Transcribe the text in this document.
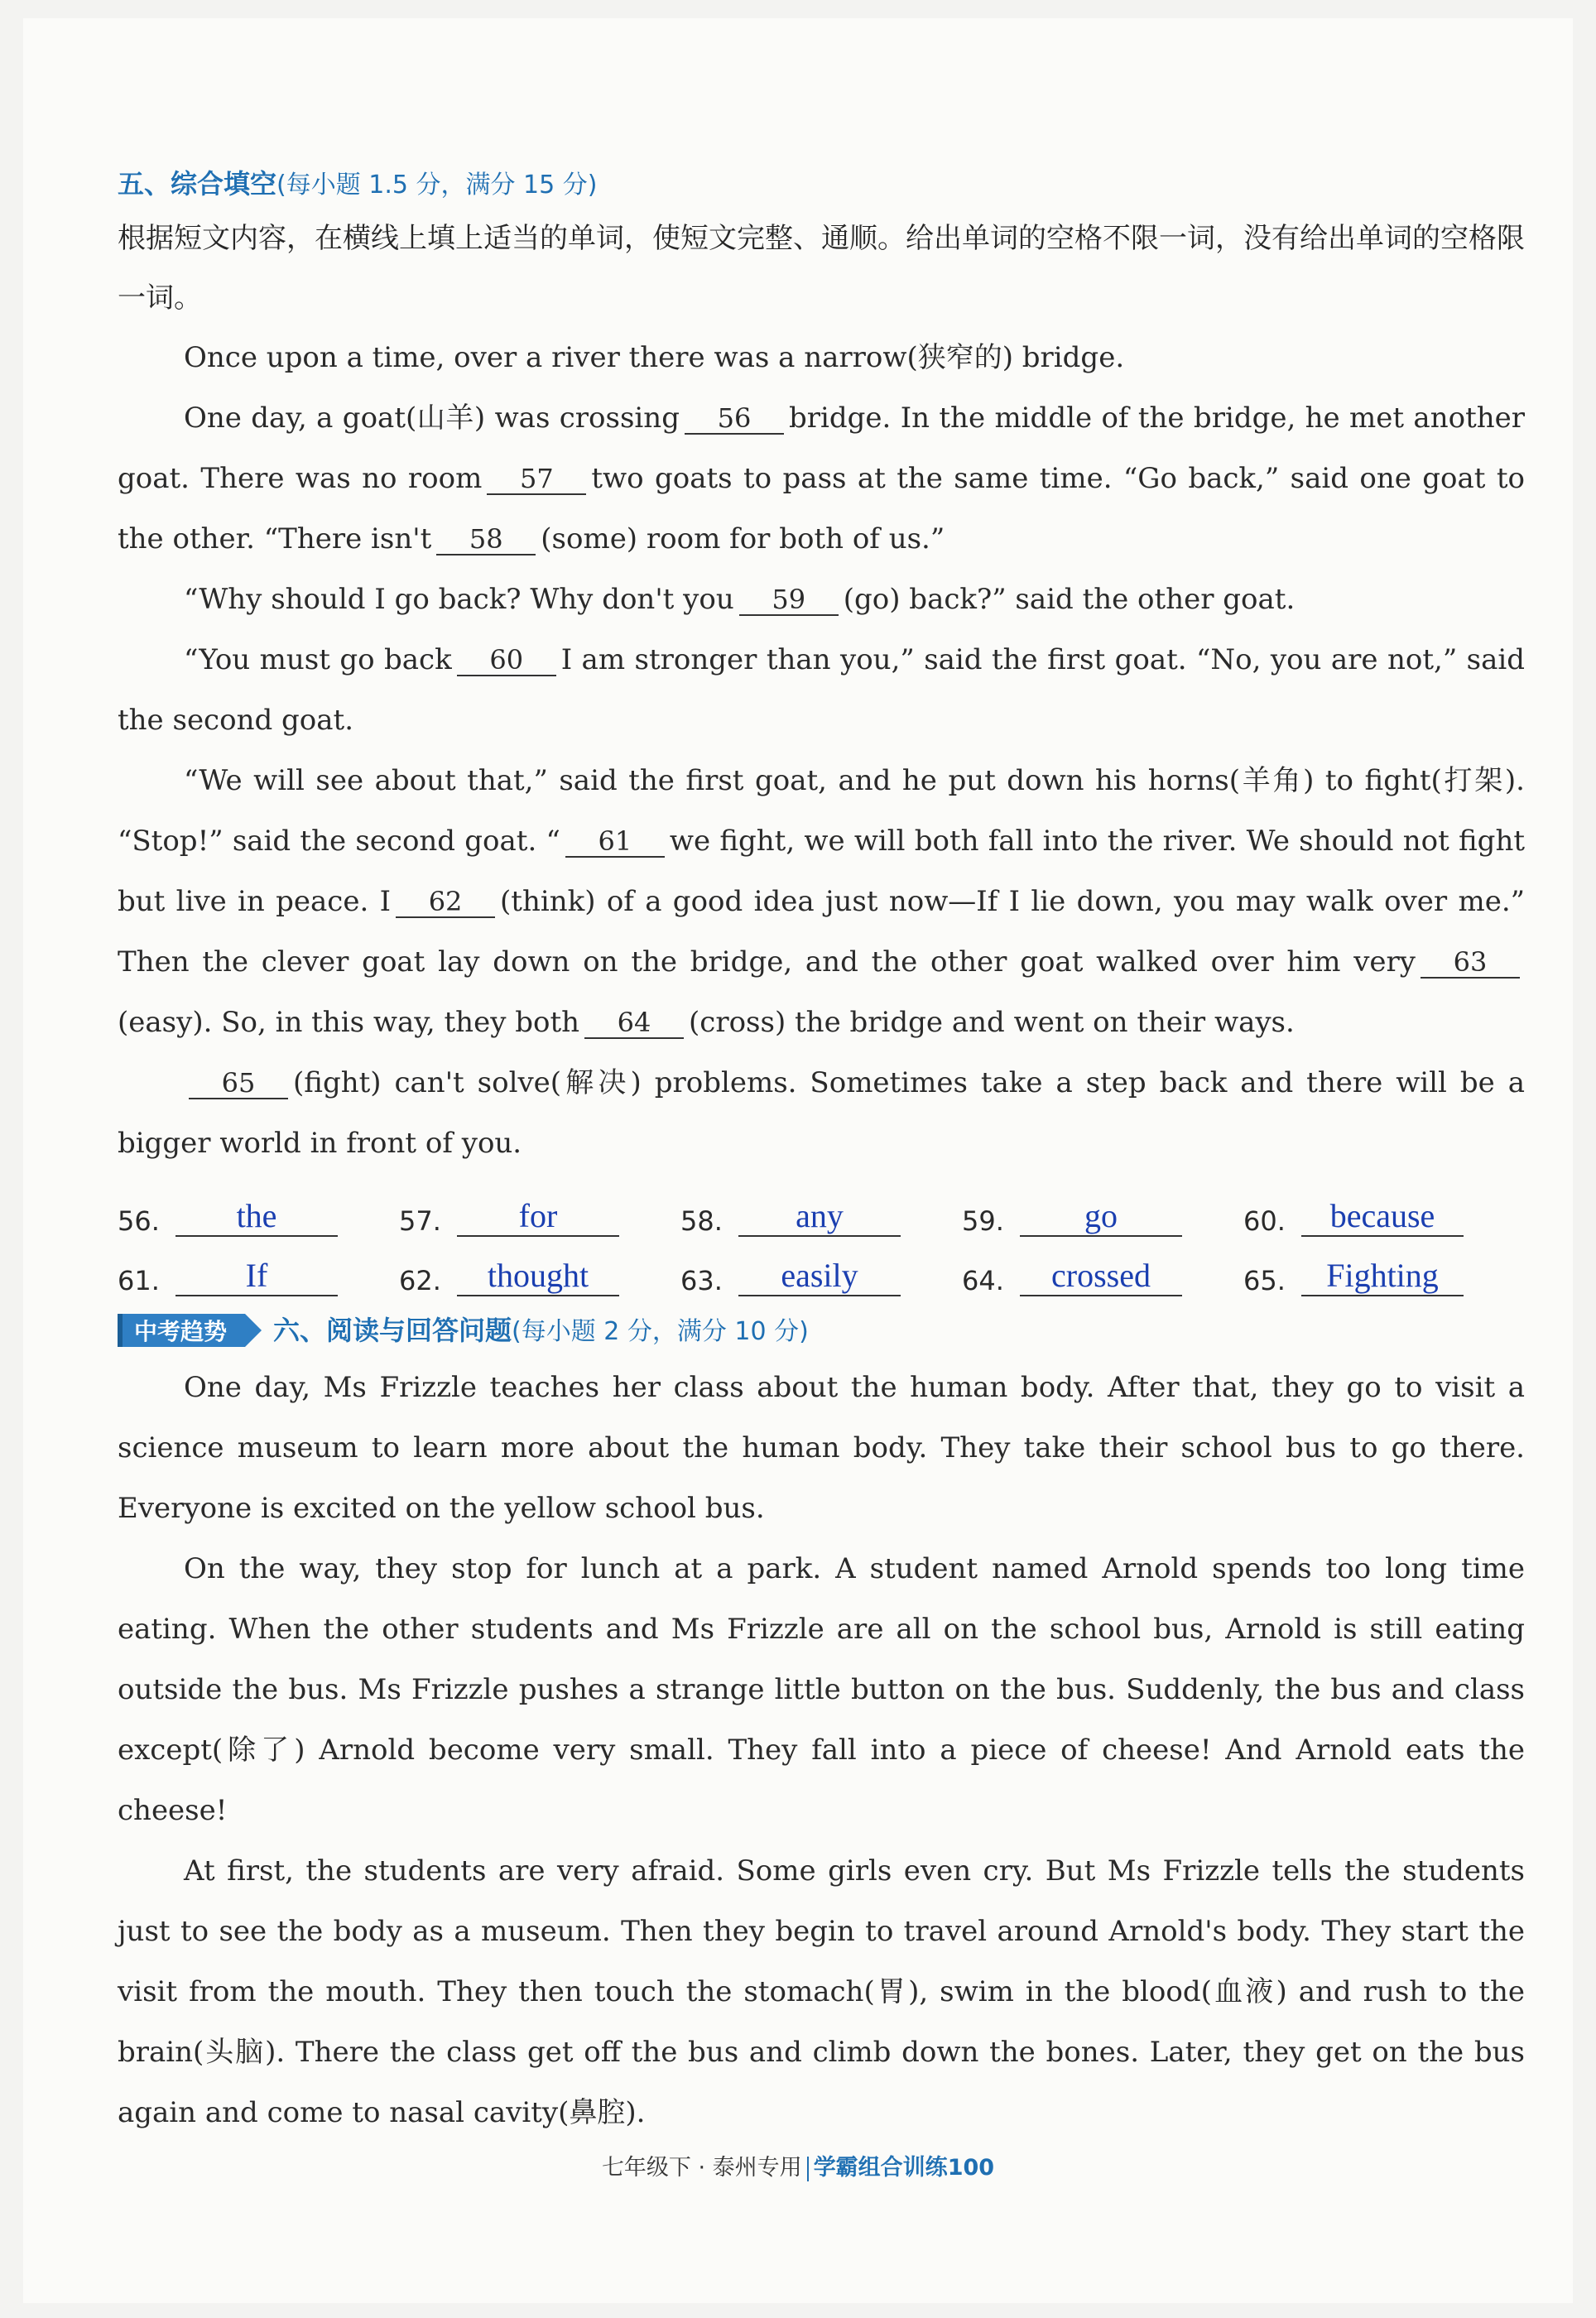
五、综合填空(每小题 1.5 分，满分 15 分)
根据短文内容，在横线上填上适当的单词，使短文完整、通顺。给出单词的空格不限一词，没有给出单词的空格限一词。
Once upon a time, over a river there was a narrow(狭窄的) bridge.
One day, a goat(山羊) was crossing 56 bridge. In the middle of the bridge, he met another goat. There was no room 57 two goats to pass at the same time. “Go back,” said one goat to the other. “There isn't 58 (some) room for both of us.”
“Why should I go back? Why don't you 59 (go) back?” said the other goat.
“You must go back 60 I am stronger than you,” said the first goat. “No, you are not,” said the second goat.
“We will see about that,” said the first goat, and he put down his horns(羊角) to fight(打架). “Stop!” said the second goat. “ 61 we fight, we will both fall into the river. We should not fight but live in peace. I 62 (think) of a good idea just now—If I lie down, you may walk over me.” Then the clever goat lay down on the bridge, and the other goat walked over him very 63(easy). So, in this way, they both 64 (cross) the bridge and went on their ways.
65 (fight) can't solve(解决) problems. Sometimes take a step back and there will be a bigger world in front of you.
56.	the	57.	for	58.	any	59.	go	60.	because
61.	If	62.	thought	63.	easily	64.	crossed	65.	Fighting
中考趋势	六、阅读与回答问题(每小题 2 分，满分 10 分)
One day, Ms Frizzle teaches her class about the human body. After that, they go to visit a science museum to learn more about the human body. They take their school bus to go there. Everyone is excited on the yellow school bus.
On the way, they stop for lunch at a park. A student named Arnold spends too long time eating. When the other students and Ms Frizzle are all on the school bus, Arnold is still eating outside the bus. Ms Frizzle pushes a strange little button on the bus. Suddenly, the bus and class except(除了) Arnold become very small. They fall into a piece of cheese! And Arnold eats the cheese!
At first, the students are very afraid. Some girls even cry. But Ms Frizzle tells the students just to see the body as a museum. Then they begin to travel around Arnold's body. They start the visit from the mouth. They then touch the stomach(胃), swim in the blood(血液) and rush to the brain(头脑). There the class get off the bus and climb down the bones. Later, they get on the bus again and come to nasal cavity(鼻腔).
七年级下 · 泰州专用 学霸组合训练100
